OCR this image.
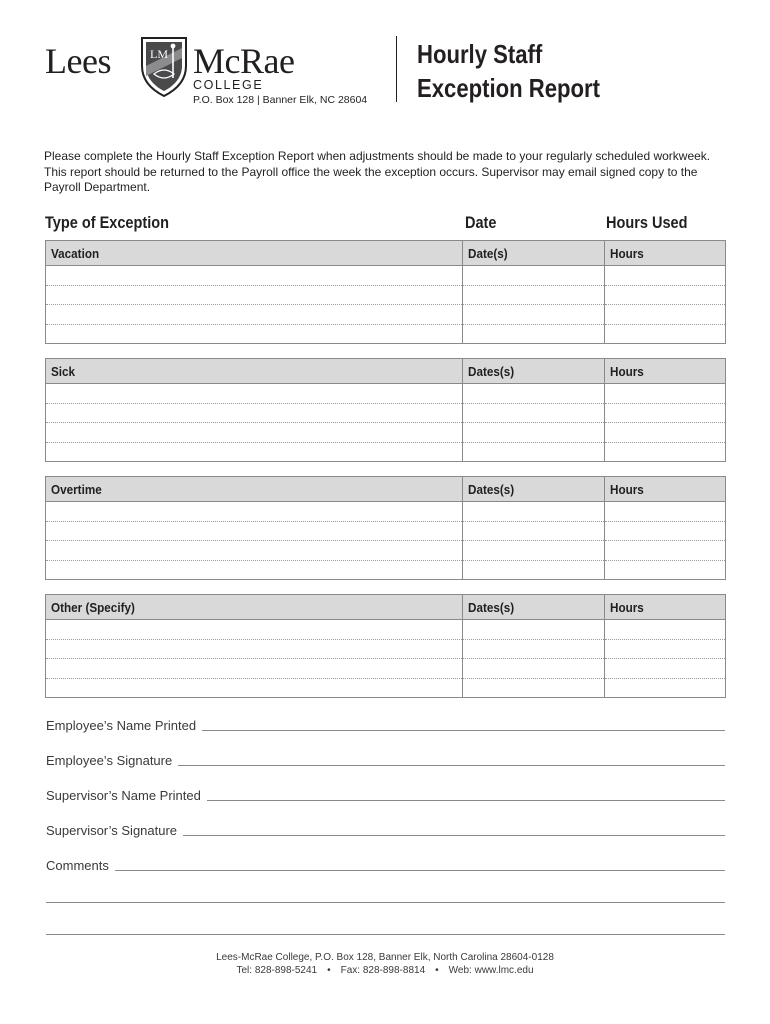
Lees	LM McRae
COLLEGE
P.O. Box 128 | Banner Elk, NC 28604
Hourly Staff
Exception Report
Please complete the Hourly Staff Exception Report when adjustments should be made to your regularly scheduled workweek. This report should be returned to the Payroll office the week the exception occurs. Supervisor may email signed copy to the Payroll Department.
Type of Exception	Date	Hours Used
Vacation	Date(s)	Hours

Sick	Dates(s)	Hours

Overtime	Dates(s)	Hours

Other (Specify)	Dates(s)	Hours

Employee’s Name Printed
Employee’s Signature
Supervisor’s Name Printed
Supervisor’s Signature
Comments
Lees-McRae College, P.O. Box 128, Banner Elk, North Carolina 28604-0128
Tel: 828-898-5241 • Fax: 828-898-8814 • Web: www.lmc.edu
